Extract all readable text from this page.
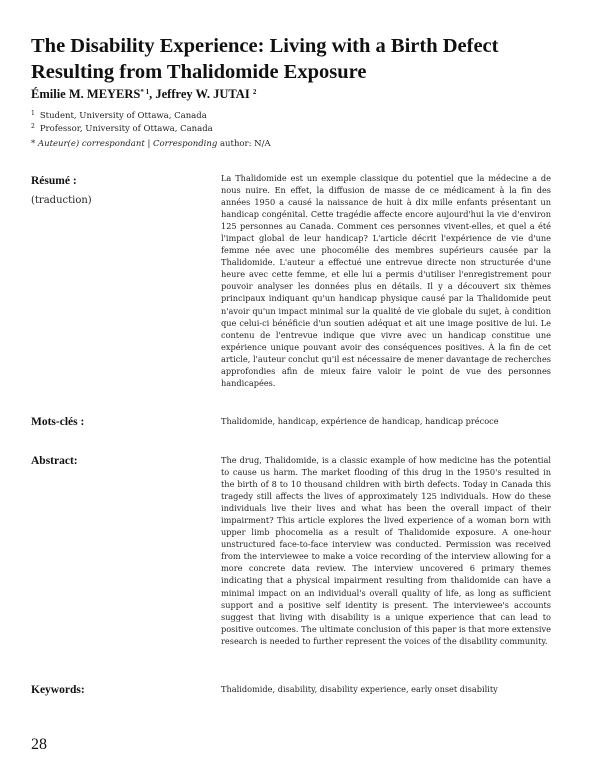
The Disability Experience: Living with a Birth Defect Resulting from Thalidomide Exposure
Émilie M. MEYERS$^{* 1}$, Jeffrey W. JUTAI $^2$
$^1$ Student, University of Ottawa, Canada
$^2$ Professor, University of Ottawa, Canada
* Auteur(e) correspondant | Corresponding author: N/A
Résumé :
(traduction)

La Thalidomide est un exemple classique du potentiel que la médecine a de nous nuire. En effet, la diffusion de masse de ce médicament à la fin des années 1950 a causé la naissance de huit à dix mille enfants présentant un handicap congénital. Cette tragédie affecte encore aujourd'hui la vie d'environ 125 personnes au Canada. Comment ces personnes vivent-elles, et quel a été l'impact global de leur handicap? L'article décrit l'expérience de vie d'une femme née avec une phocomélie des membres supérieurs causée par la Thalidomide. L'auteur a effectué une entrevue directe non structurée d'une heure avec cette femme, et elle lui a permis d'utiliser l'enregistrement pour pouvoir analyser les données plus en détails. Il y a découvert six thèmes principaux indiquant qu'un handicap physique causé par la Thalidomide peut n'avoir qu'un impact minimal sur la qualité de vie globale du sujet, à condition que celui-ci bénéficie d'un soutien adéquat et ait une image positive de lui. Le contenu de l'entrevue indique que vivre avec un handicap constitue une expérience unique pouvant avoir des conséquences positives. À la fin de cet article, l'auteur conclut qu'il est nécessaire de mener davantage de recherches approfondies afin de mieux faire valoir le point de vue des personnes handicapées.

Mots-clés :	Thalidomide, handicap, expérience de handicap, handicap précoce
Abstract:	The drug, Thalidomide, is a classic example of how medicine has the potential to cause us harm. The market flooding of this drug in the 1950's resulted in the birth of 8 to 10 thousand children with birth defects. Today in Canada this tragedy still affects the lives of approximately 125 individuals. How do these individuals live their lives and what has been the overall impact of their impairment? This article explores the lived experience of a woman born with upper limb phocomelia as a result of Thalidomide exposure. A one-hour unstructured face-to-face interview was conducted. Permission was received from the interviewee to make a voice recording of the interview allowing for a more concrete data review. The interview uncovered 6 primary themes indicating that a physical impairment resulting from thalidomide can have a minimal impact on an individual's overall quality of life, as long as sufficient support and a positive self identity is present. The interviewee's accounts suggest that living with disability is a unique experience that can lead to positive outcomes. The ultimate conclusion of this paper is that more extensive research is needed to further represent the voices of the disability community.

Keywords:	Thalidomide, disability, disability experience, early onset disability
28
